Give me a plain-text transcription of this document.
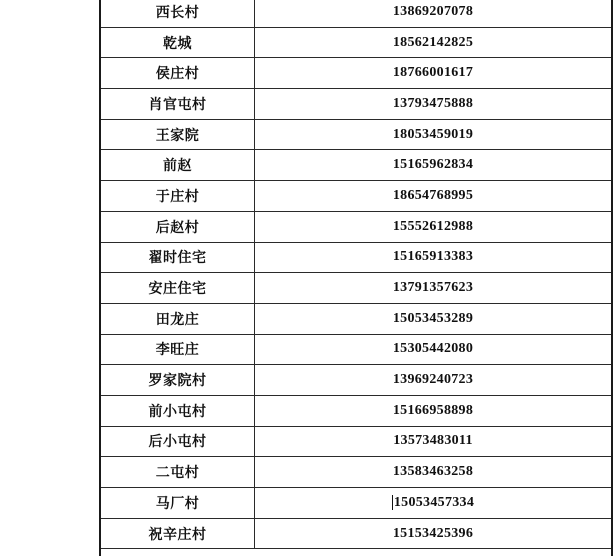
西长村	13869207078
乾城	18562142825
侯庄村	18766001617
肖官屯村	13793475888
王家院	18053459019
前赵	15165962834
于庄村	18654768995
后赵村	15552612988
翟时住宅	15165913383
安庄住宅	13791357623
田龙庄	15053453289
李旺庄	15305442080
罗家院村	13969240723
前小屯村	15166958898
后小屯村	13573483011
二屯村	13583463258
马厂村	15053457334
祝辛庄村	15153425396
